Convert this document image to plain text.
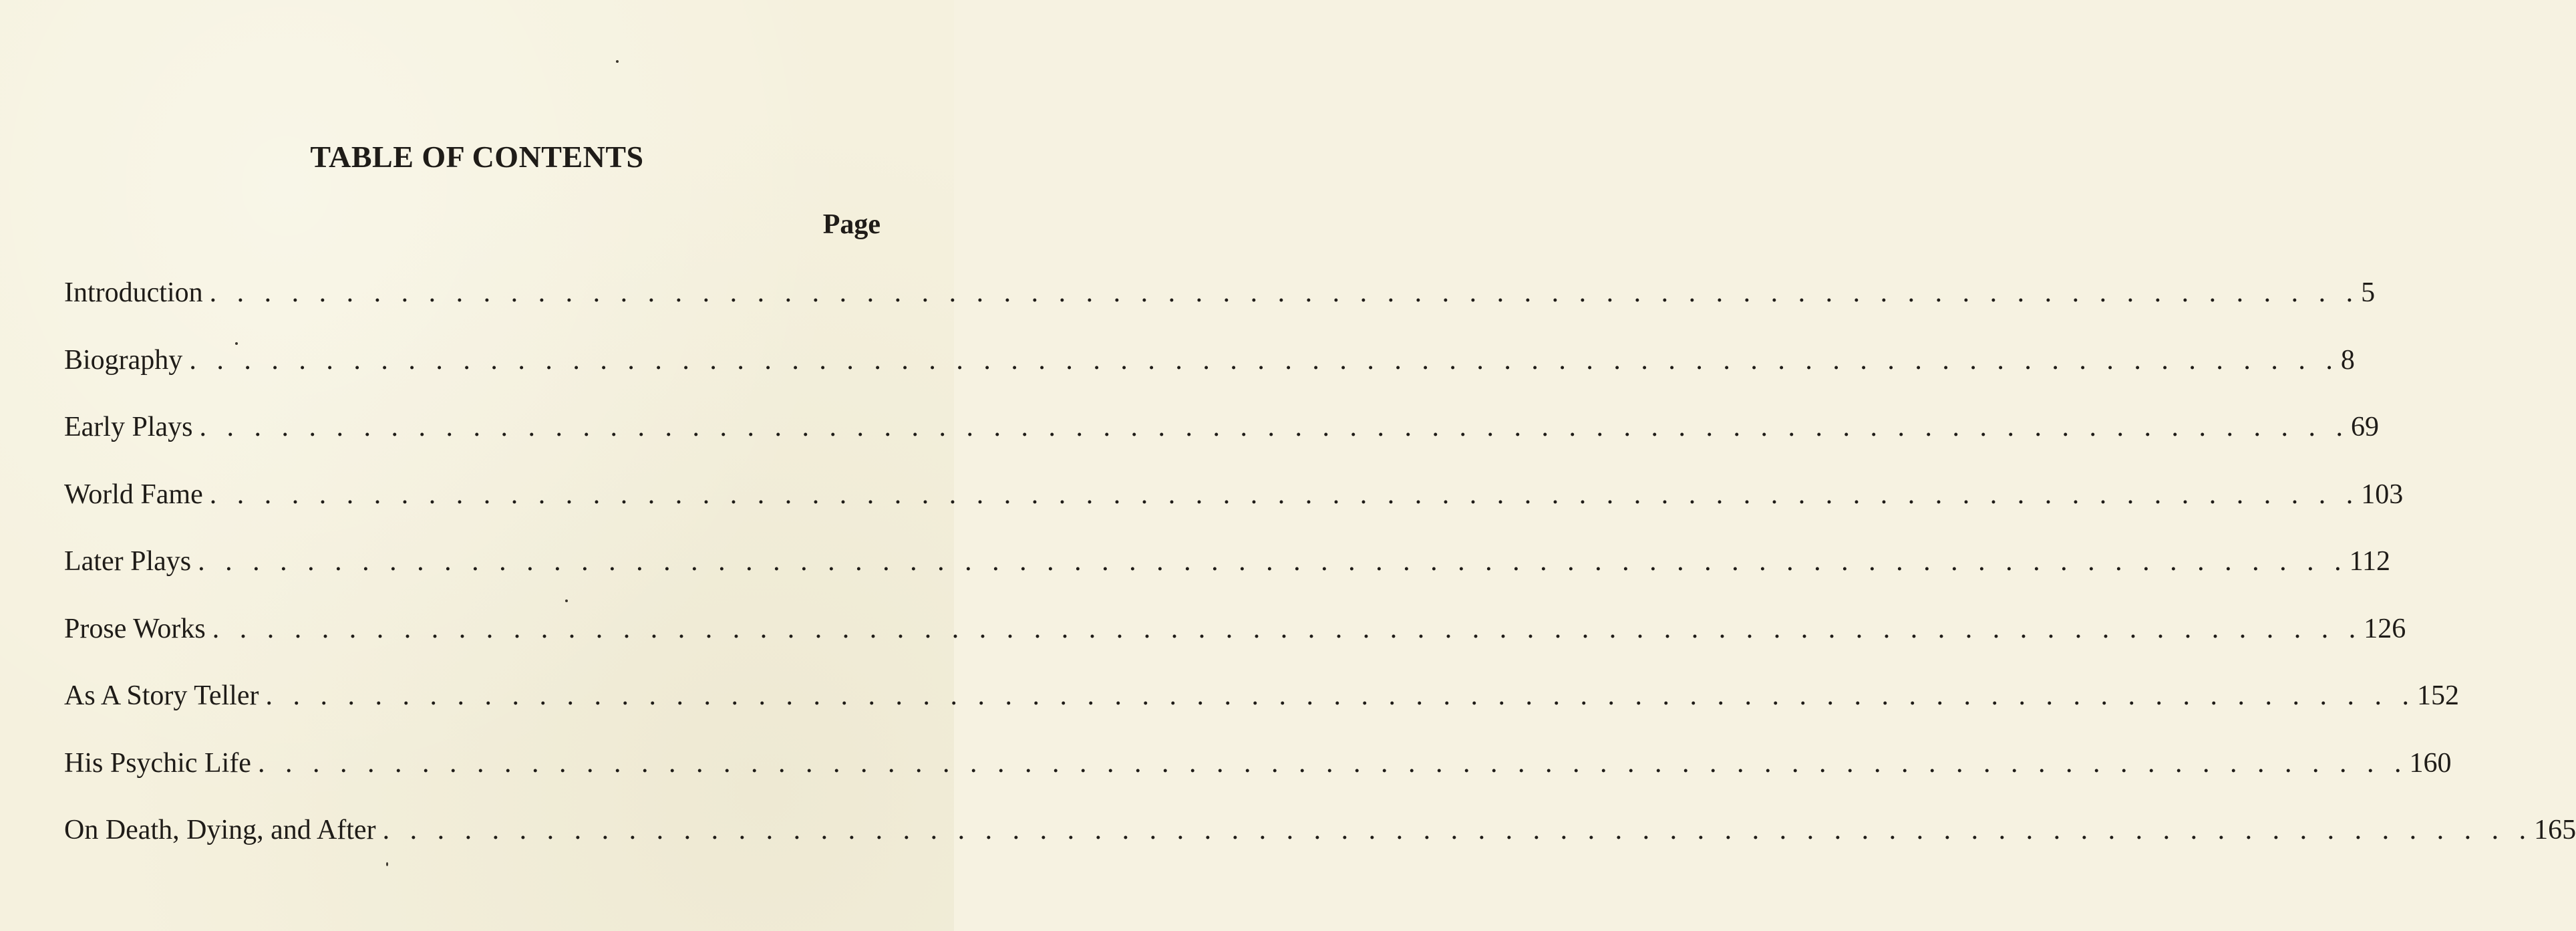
TABLE OF CONTENTS
Page
Introduction . . . . . . . . . . . . . . . . . . . . . . . . . . . . . . . . . . . . . . . . . . . . . . . . . . . . . . . . . . . . . . . . . . . . . . . . . . . . . . . 5
Biography . . . . . . . . . . . . . . . . . . . . . . . . . . . . . . . . . . . . . . . . . . . . . . . . . . . . . . . . . . . . . . . . . . . . . . . . . . . . . . . 8
Early Plays . . . . . . . . . . . . . . . . . . . . . . . . . . . . . . . . . . . . . . . . . . . . . . . . . . . . . . . . . . . . . . . . . . . . . . . . . . . . . . . 69
World Fame . . . . . . . . . . . . . . . . . . . . . . . . . . . . . . . . . . . . . . . . . . . . . . . . . . . . . . . . . . . . . . . . . . . . . . . . . . . . . . . 103
Later Plays . . . . . . . . . . . . . . . . . . . . . . . . . . . . . . . . . . . . . . . . . . . . . . . . . . . . . . . . . . . . . . . . . . . . . . . . . . . . . . . 112
Prose Works . . . . . . . . . . . . . . . . . . . . . . . . . . . . . . . . . . . . . . . . . . . . . . . . . . . . . . . . . . . . . . . . . . . . . . . . . . . . . . . 126
As A Story Teller . . . . . . . . . . . . . . . . . . . . . . . . . . . . . . . . . . . . . . . . . . . . . . . . . . . . . . . . . . . . . . . . . . . . . . . . . . . . . . . 152
His Psychic Life . . . . . . . . . . . . . . . . . . . . . . . . . . . . . . . . . . . . . . . . . . . . . . . . . . . . . . . . . . . . . . . . . . . . . . . . . . . . . . . 160
On Death, Dying, and After . . . . . . . . . . . . . . . . . . . . . . . . . . . . . . . . . . . . . . . . . . . . . . . . . . . . . . . . . . . . . . . . . . . . . . . . . . . . . . . 165
